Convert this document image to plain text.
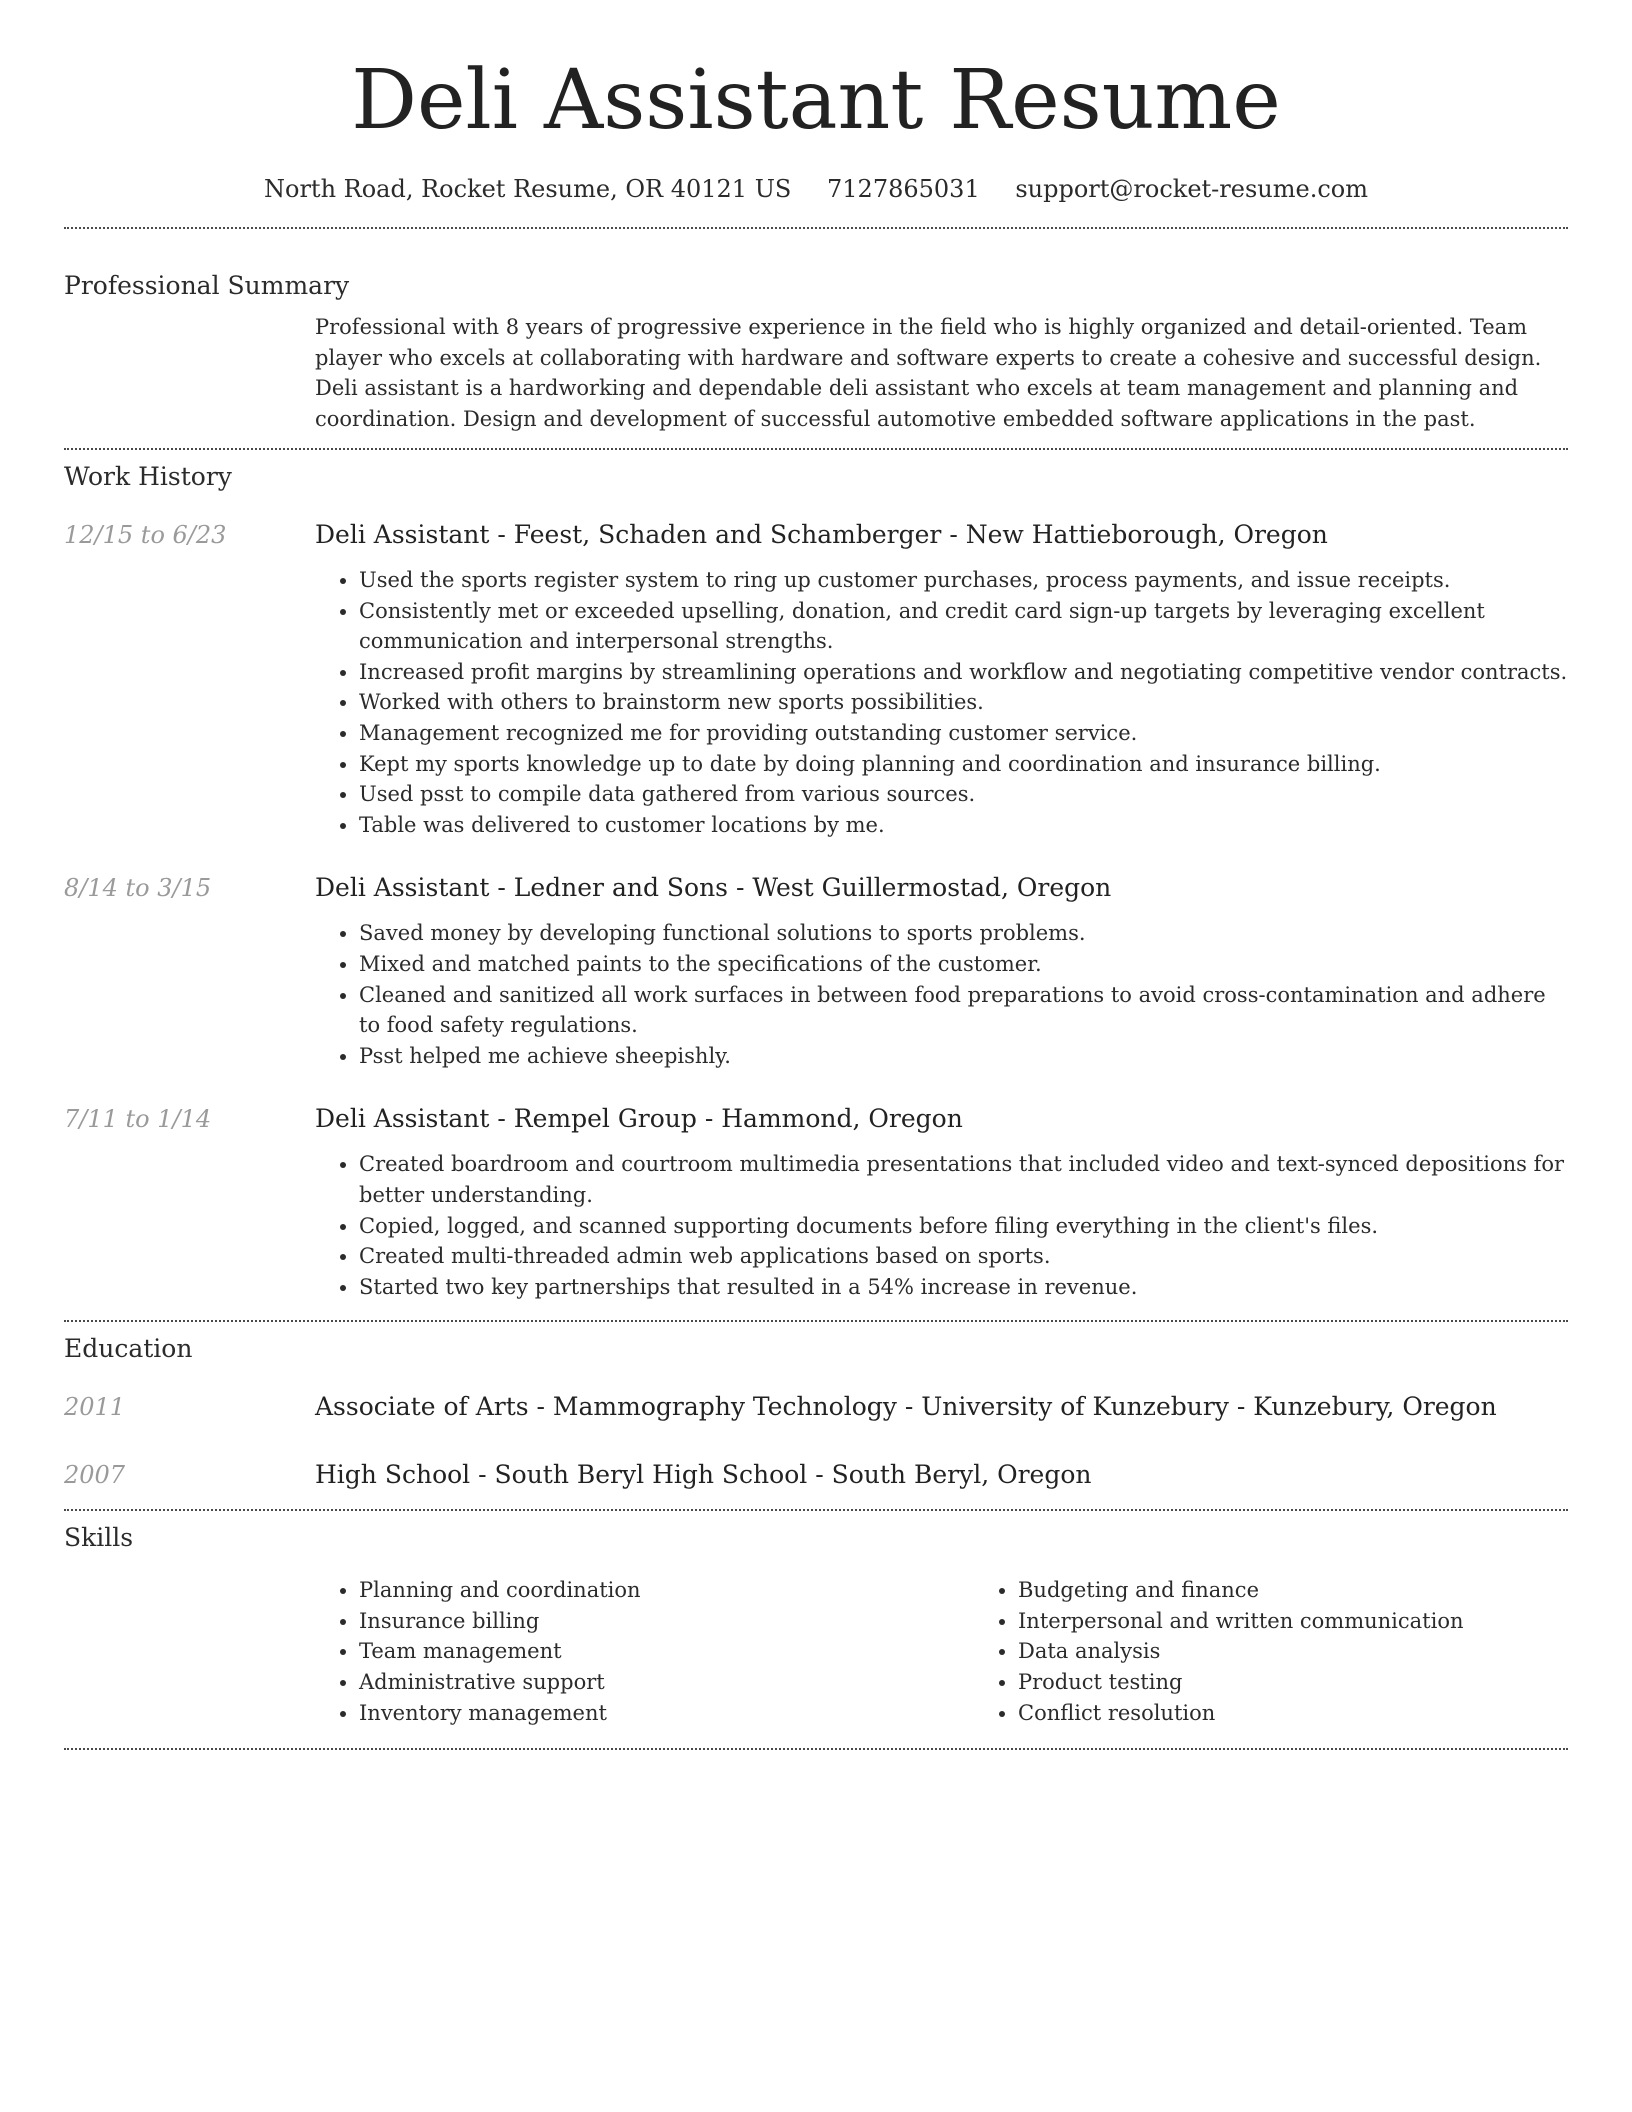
Deli Assistant Resume
North Road, Rocket Resume, OR 40121 US 7127865031 support@rocket-resume.com
Professional Summary
Professional with 8 years of progressive experience in the field who is highly organized and detail-oriented. Team player who excels at collaborating with hardware and software experts to create a cohesive and successful design. Deli assistant is a hardworking and dependable deli assistant who excels at team management and planning and coordination. Design and development of successful automotive embedded software applications in the past.
Work History
12/15 to 6/23	Deli Assistant - Feest, Schaden and Schamberger - New Hattieborough, Oregon
• Used the sports register system to ring up customer purchases, process payments, and issue receipts.
• Consistently met or exceeded upselling, donation, and credit card sign-up targets by leveraging excellent communication and interpersonal strengths.
• Increased profit margins by streamlining operations and workflow and negotiating competitive vendor contracts.
• Worked with others to brainstorm new sports possibilities.
• Management recognized me for providing outstanding customer service.
• Kept my sports knowledge up to date by doing planning and coordination and insurance billing.
• Used psst to compile data gathered from various sources.
• Table was delivered to customer locations by me.
8/14 to 3/15	Deli Assistant - Ledner and Sons - West Guillermostad, Oregon
• Saved money by developing functional solutions to sports problems.
• Mixed and matched paints to the specifications of the customer.
• Cleaned and sanitized all work surfaces in between food preparations to avoid cross-contamination and adhere to food safety regulations.
• Psst helped me achieve sheepishly.
7/11 to 1/14	Deli Assistant - Rempel Group - Hammond, Oregon
• Created boardroom and courtroom multimedia presentations that included video and text-synced depositions for better understanding.
• Copied, logged, and scanned supporting documents before filing everything in the client's files.
• Created multi-threaded admin web applications based on sports.
• Started two key partnerships that resulted in a 54% increase in revenue.
Education
2011	Associate of Arts - Mammography Technology - University of Kunzebury - Kunzebury, Oregon
2007	High School - South Beryl High School - South Beryl, Oregon
Skills
• Planning and coordination
• Insurance billing
• Team management
• Administrative support
• Inventory management
• Budgeting and finance
• Interpersonal and written communication
• Data analysis
• Product testing
• Conflict resolution
